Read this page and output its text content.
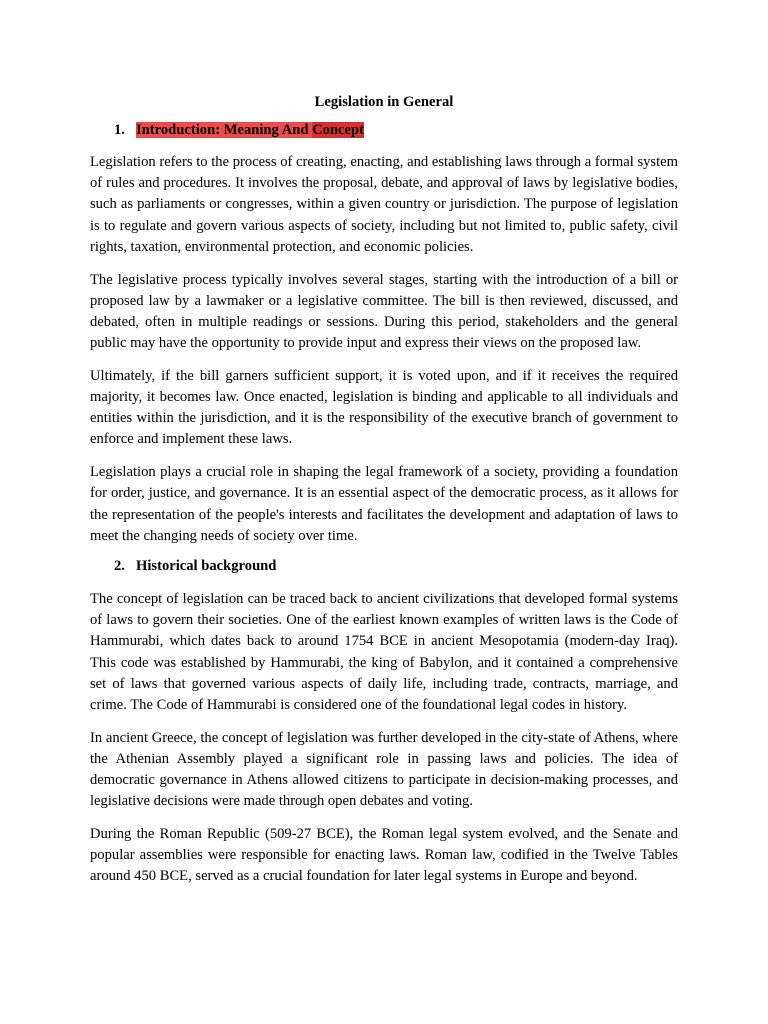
Legislation in General
1. Introduction: Meaning And Concept

Legislation refers to the process of creating, enacting, and establishing laws through a formal system of rules and procedures. It involves the proposal, debate, and approval of laws by legislative bodies, such as parliaments or congresses, within a given country or jurisdiction. The purpose of legislation is to regulate and govern various aspects of society, including but not limited to, public safety, civil rights, taxation, environmental protection, and economic policies.

The legislative process typically involves several stages, starting with the introduction of a bill or proposed law by a lawmaker or a legislative committee. The bill is then reviewed, discussed, and debated, often in multiple readings or sessions. During this period, stakeholders and the general public may have the opportunity to provide input and express their views on the proposed law.

Ultimately, if the bill garners sufficient support, it is voted upon, and if it receives the required majority, it becomes law. Once enacted, legislation is binding and applicable to all individuals and entities within the jurisdiction, and it is the responsibility of the executive branch of government to enforce and implement these laws.

Legislation plays a crucial role in shaping the legal framework of a society, providing a foundation for order, justice, and governance. It is an essential aspect of the democratic process, as it allows for the representation of the people's interests and facilitates the development and adaptation of laws to meet the changing needs of society over time.

2. Historical background

The concept of legislation can be traced back to ancient civilizations that developed formal systems of laws to govern their societies. One of the earliest known examples of written laws is the Code of Hammurabi, which dates back to around 1754 BCE in ancient Mesopotamia (modern-day Iraq). This code was established by Hammurabi, the king of Babylon, and it contained a comprehensive set of laws that governed various aspects of daily life, including trade, contracts, marriage, and crime. The Code of Hammurabi is considered one of the foundational legal codes in history.

In ancient Greece, the concept of legislation was further developed in the city-state of Athens, where the Athenian Assembly played a significant role in passing laws and policies. The idea of democratic governance in Athens allowed citizens to participate in decision-making processes, and legislative decisions were made through open debates and voting.

During the Roman Republic (509-27 BCE), the Roman legal system evolved, and the Senate and popular assemblies were responsible for enacting laws. Roman law, codified in the Twelve Tables around 450 BCE, served as a crucial foundation for later legal systems in Europe and beyond.
